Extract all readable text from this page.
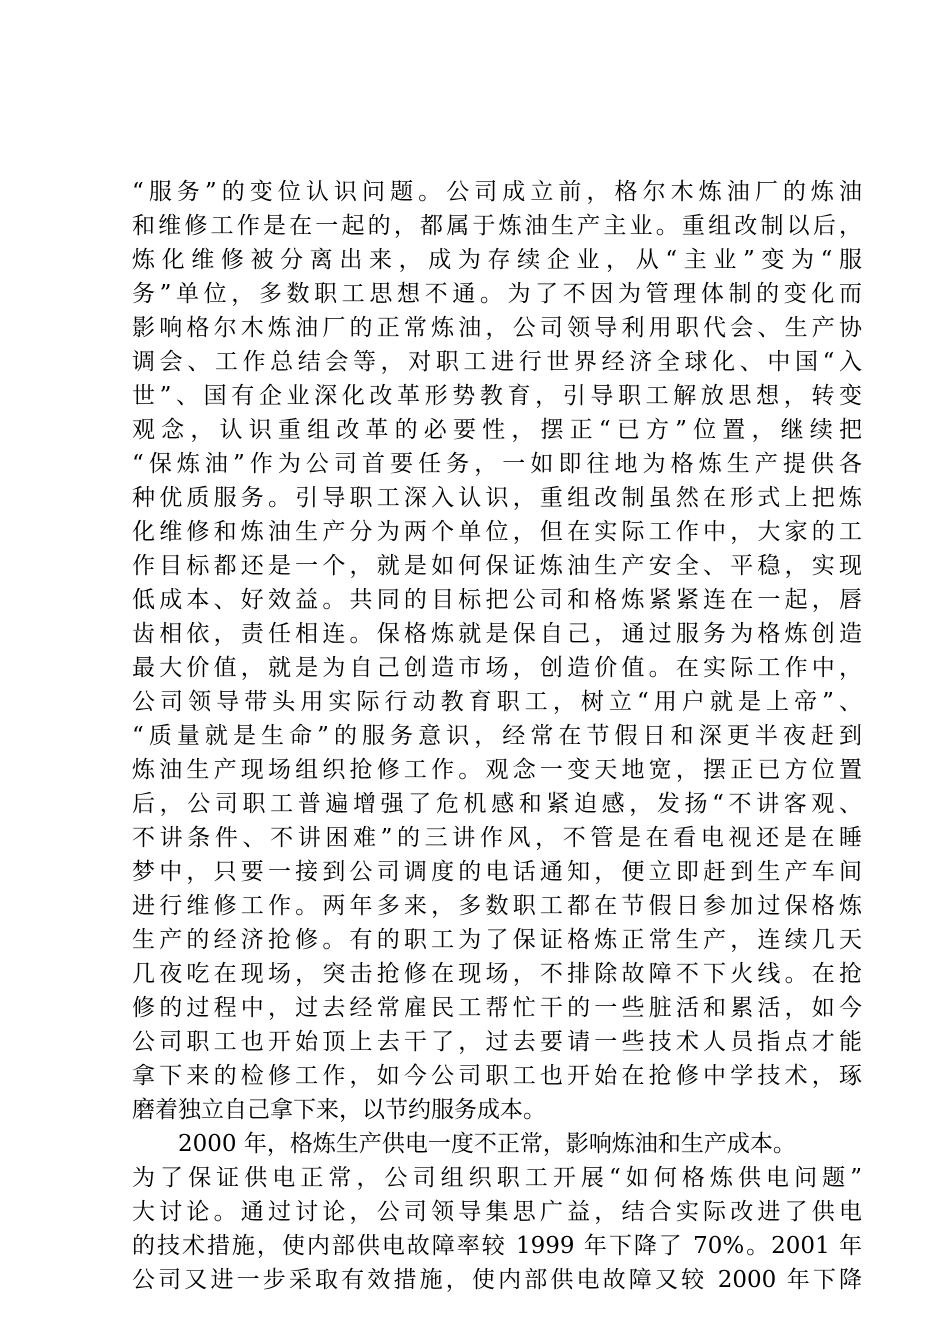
“服务”的变位认识问题。公司成立前，格尔木炼油厂的炼油
和维修工作是在一起的，都属于炼油生产主业。重组改制以后，
炼化维修被分离出来，成为存续企业，从“主业”变为“服
务”单位，多数职工思想不通。为了不因为管理体制的变化而
影响格尔木炼油厂的正常炼油，公司领导利用职代会、生产协
调会、工作总结会等，对职工进行世界经济全球化、中国“入
世”、国有企业深化改革形势教育，引导职工解放思想，转变
观念，认识重组改革的必要性，摆正“已方”位置，继续把
“保炼油”作为公司首要任务，一如即往地为格炼生产提供各
种优质服务。引导职工深入认识，重组改制虽然在形式上把炼
化维修和炼油生产分为两个单位，但在实际工作中，大家的工
作目标都还是一个，就是如何保证炼油生产安全、平稳，实现
低成本、好效益。共同的目标把公司和格炼紧紧连在一起，唇
齿相依，责任相连。保格炼就是保自己，通过服务为格炼创造
最大价值，就是为自己创造市场，创造价值。在实际工作中，
公司领导带头用实际行动教育职工，树立“用户就是上帝”、
“质量就是生命”的服务意识，经常在节假日和深更半夜赶到
炼油生产现场组织抢修工作。观念一变天地宽，摆正已方位置
后，公司职工普遍增强了危机感和紧迫感，发扬“不讲客观、
不讲条件、不讲困难”的三讲作风，不管是在看电视还是在睡
梦中，只要一接到公司调度的电话通知，便立即赶到生产车间
进行维修工作。两年多来，多数职工都在节假日参加过保格炼
生产的经济抢修。有的职工为了保证格炼正常生产，连续几天
几夜吃在现场，突击抢修在现场，不排除故障不下火线。在抢
修的过程中，过去经常雇民工帮忙干的一些脏活和累活，如今
公司职工也开始顶上去干了，过去要请一些技术人员指点才能
拿下来的检修工作，如今公司职工也开始在抢修中学技术，琢
磨着独立自己拿下来，以节约服务成本。

2000 年，格炼生产供电一度不正常，影响炼油和生产成本。
为了保证供电正常，公司组织职工开展“如何格炼供电问题”
大讨论。通过讨论，公司领导集思广益，结合实际改进了供电
的技术措施，使内部供电故障率较 1999 年下降了 70%。2001 年
公司又进一步采取有效措施，使内部供电故障又较 2000 年下降
